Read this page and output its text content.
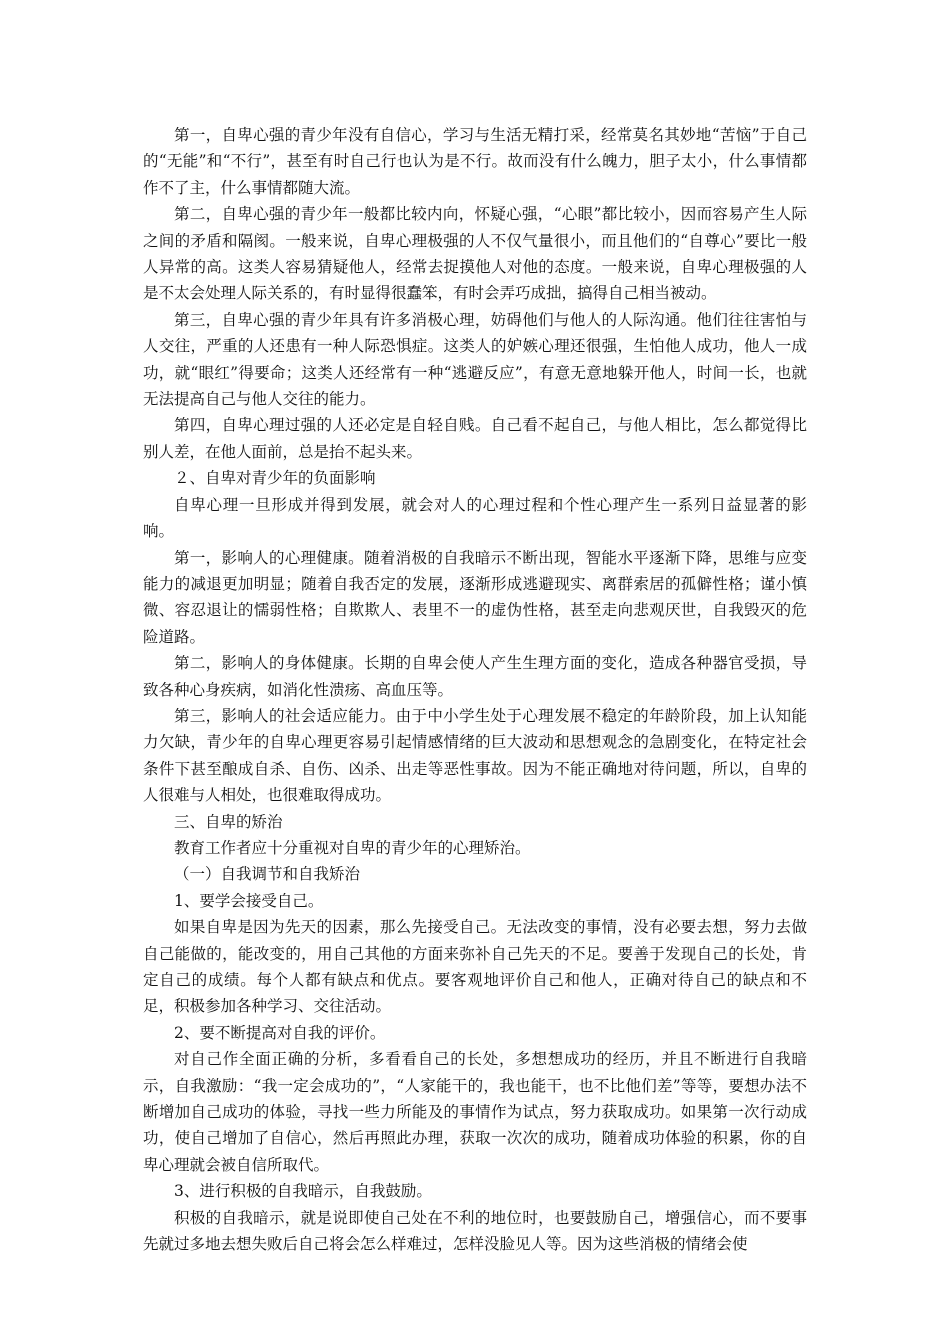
第一，自卑心强的青少年没有自信心，学习与生活无精打采，经常莫名其妙地“苦恼”于自己的“无能”和“不行”，甚至有时自己行也认为是不行。故而没有什么魄力，胆子太小，什么事情都作不了主，什么事情都随大流。

第二，自卑心强的青少年一般都比较内向，怀疑心强，“心眼”都比较小，因而容易产生人际之间的矛盾和隔阂。一般来说，自卑心理极强的人不仅气量很小，而且他们的“自尊心”要比一般人异常的高。这类人容易猜疑他人，经常去捉摸他人对他的态度。一般来说，自卑心理极强的人是不太会处理人际关系的，有时显得很蠢笨，有时会弄巧成拙，搞得自己相当被动。

第三，自卑心强的青少年具有许多消极心理，妨碍他们与他人的人际沟通。他们往往害怕与人交往，严重的人还患有一种人际恐惧症。这类人的妒嫉心理还很强，生怕他人成功，他人一成功，就“眼红”得要命；这类人还经常有一种“逃避反应”，有意无意地躲开他人，时间一长，也就无法提高自己与他人交往的能力。

第四，自卑心理过强的人还必定是自轻自贱。自己看不起自己，与他人相比，怎么都觉得比别人差，在他人面前，总是抬不起头来。

２、自卑对青少年的负面影响

自卑心理一旦形成并得到发展，就会对人的心理过程和个性心理产生一系列日益显著的影响。

第一，影响人的心理健康。随着消极的自我暗示不断出现，智能水平逐渐下降，思维与应变能力的减退更加明显；随着自我否定的发展，逐渐形成逃避现实、离群索居的孤僻性格；谨小慎微、容忍退让的懦弱性格；自欺欺人、表里不一的虚伪性格，甚至走向悲观厌世，自我毁灭的危险道路。

第二，影响人的身体健康。长期的自卑会使人产生生理方面的变化，造成各种器官受损，导致各种心身疾病，如消化性溃疡、高血压等。

第三，影响人的社会适应能力。由于中小学生处于心理发展不稳定的年龄阶段，加上认知能力欠缺，青少年的自卑心理更容易引起情感情绪的巨大波动和思想观念的急剧变化，在特定社会条件下甚至酿成自杀、自伤、凶杀、出走等恶性事故。因为不能正确地对待问题，所以，自卑的人很难与人相处，也很难取得成功。

三、自卑的矫治

教育工作者应十分重视对自卑的青少年的心理矫治。

（一）自我调节和自我矫治

1、要学会接受自己。

如果自卑是因为先天的因素，那么先接受自己。无法改变的事情，没有必要去想，努力去做自己能做的，能改变的，用自己其他的方面来弥补自己先天的不足。要善于发现自己的长处，肯定自己的成绩。每个人都有缺点和优点。要客观地评价自己和他人，正确对待自己的缺点和不足，积极参加各种学习、交往活动。

2、要不断提高对自我的评价。

对自己作全面正确的分析，多看看自己的长处，多想想成功的经历，并且不断进行自我暗示，自我激励：“我一定会成功的”，“人家能干的，我也能干，也不比他们差”等等，要想办法不断增加自己成功的体验，寻找一些力所能及的事情作为试点，努力获取成功。如果第一次行动成功，使自己增加了自信心，然后再照此办理，获取一次次的成功，随着成功体验的积累，你的自卑心理就会被自信所取代。

3、进行积极的自我暗示，自我鼓励。

积极的自我暗示，就是说即使自己处在不利的地位时，也要鼓励自己，增强信心，而不要事先就过多地去想失败后自己将会怎么样难过，怎样没脸见人等。因为这些消极的情绪会使
